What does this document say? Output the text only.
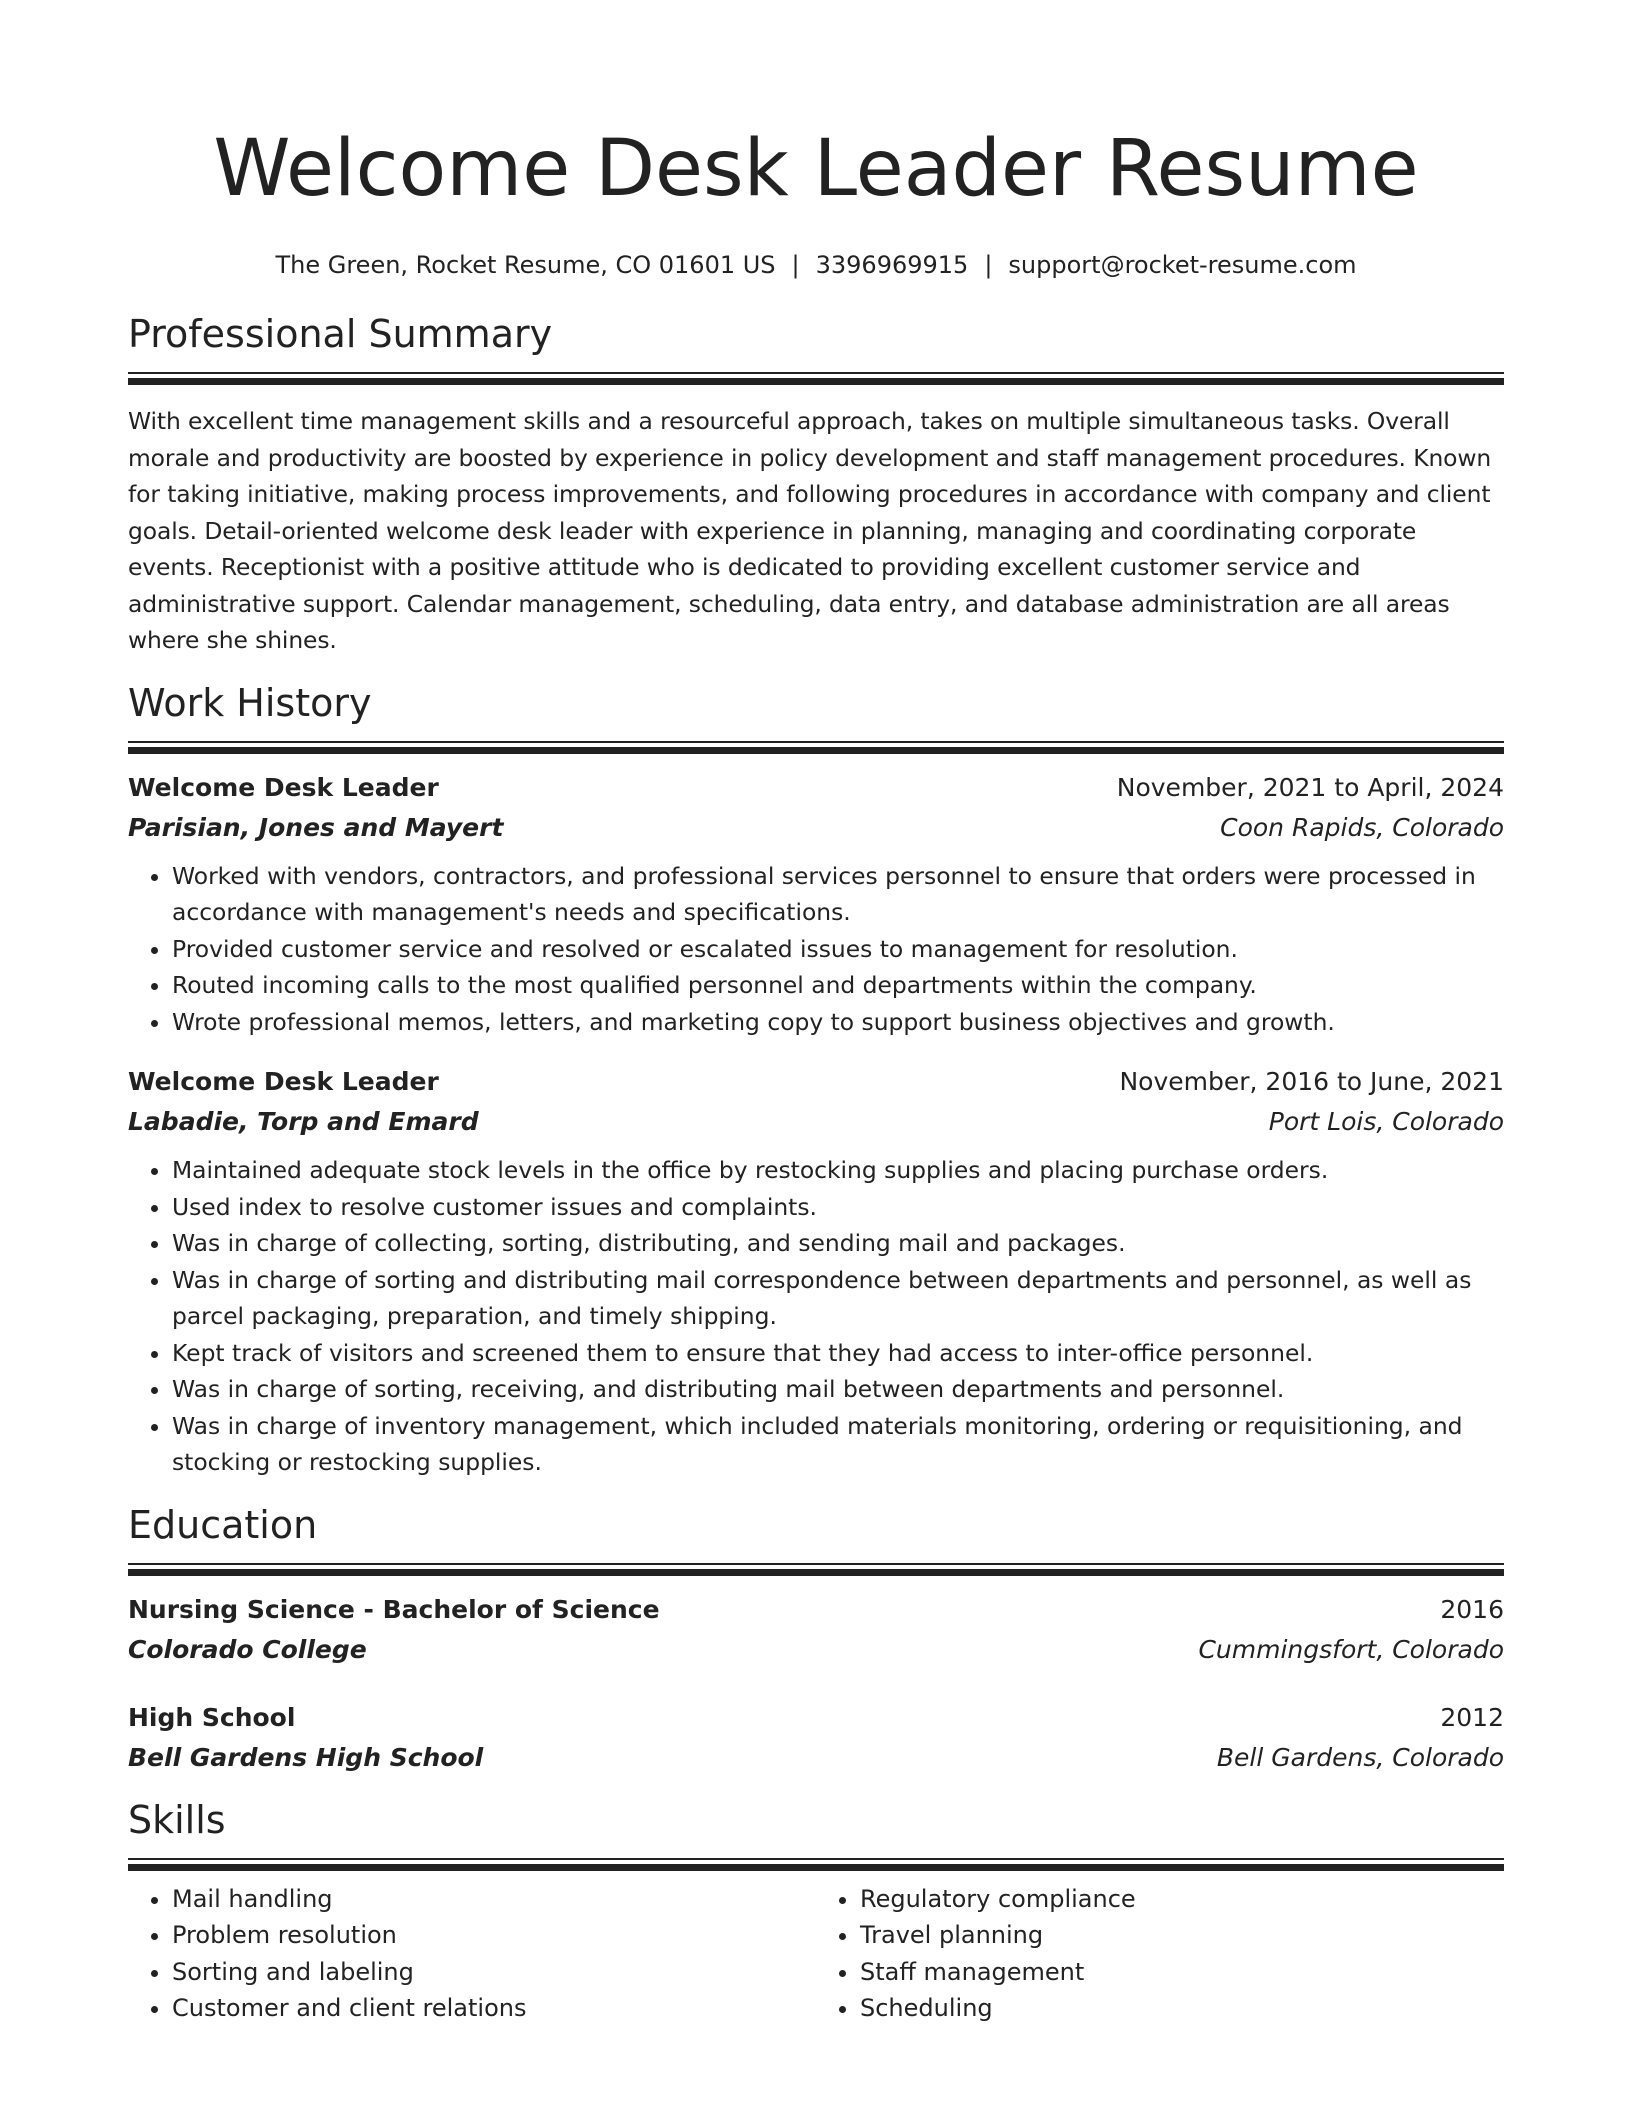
Welcome Desk Leader Resume
The Green, Rocket Resume, CO 01601 US | 3396969915 | support@rocket-resume.com
Professional Summary
With excellent time management skills and a resourceful approach, takes on multiple simultaneous tasks. Overall morale and productivity are boosted by experience in policy development and staff management procedures. Known for taking initiative, making process improvements, and following procedures in accordance with company and client goals. Detail-oriented welcome desk leader with experience in planning, managing and coordinating corporate events. Receptionist with a positive attitude who is dedicated to providing excellent customer service and administrative support. Calendar management, scheduling, data entry, and database administration are all areas where she shines.
Work History
Welcome Desk Leader	November, 2021 to April, 2024
Parisian, Jones and Mayert	Coon Rapids, Colorado
• Worked with vendors, contractors, and professional services personnel to ensure that orders were processed in accordance with management's needs and specifications.
• Provided customer service and resolved or escalated issues to management for resolution.
• Routed incoming calls to the most qualified personnel and departments within the company.
• Wrote professional memos, letters, and marketing copy to support business objectives and growth.
Welcome Desk Leader	November, 2016 to June, 2021
Labadie, Torp and Emard	Port Lois, Colorado
• Maintained adequate stock levels in the office by restocking supplies and placing purchase orders.
• Used index to resolve customer issues and complaints.
• Was in charge of collecting, sorting, distributing, and sending mail and packages.
• Was in charge of sorting and distributing mail correspondence between departments and personnel, as well as parcel packaging, preparation, and timely shipping.
• Kept track of visitors and screened them to ensure that they had access to inter-office personnel.
• Was in charge of sorting, receiving, and distributing mail between departments and personnel.
• Was in charge of inventory management, which included materials monitoring, ordering or requisitioning, and stocking or restocking supplies.
Education
Nursing Science - Bachelor of Science	2016
Colorado College	Cummingsfort, Colorado
High School	2012
Bell Gardens High School	Bell Gardens, Colorado
Skills
• Mail handling
• Problem resolution
• Sorting and labeling
• Customer and client relations
• Regulatory compliance
• Travel planning
• Staff management
• Scheduling
